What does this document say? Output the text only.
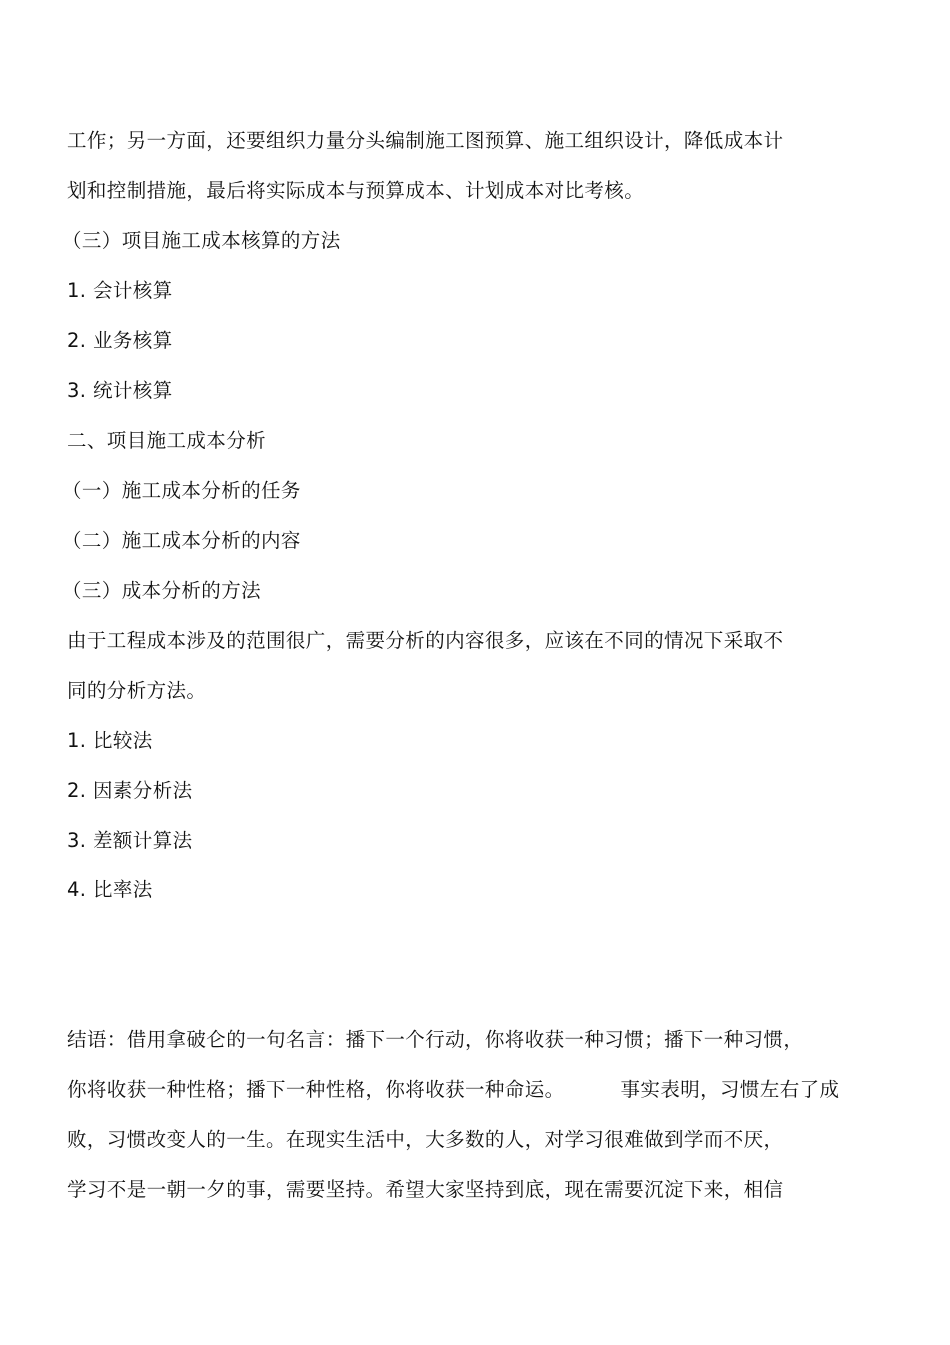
工作；另一方面，还要组织力量分头编制施工图预算、施工组织设计，降低成本计
划和控制措施，最后将实际成本与预算成本、计划成本对比考核。
（三）项目施工成本核算的方法
1. 会计核算
2. 业务核算
3. 统计核算
二、项目施工成本分析
（一）施工成本分析的任务
（二）施工成本分析的内容
（三）成本分析的方法
由于工程成本涉及的范围很广，需要分析的内容很多，应该在不同的情况下采取不
同的分析方法。
1. 比较法
2. 因素分析法
3. 差额计算法
4. 比率法
结语：借用拿破仑的一句名言：播下一个行动，你将收获一种习惯；播下一种习惯，
你将收获一种性格；播下一种性格，你将收获一种命运。	事实表明，习惯左右了成
败，习惯改变人的一生。在现实生活中，大多数的人，对学习很难做到学而不厌，
学习不是一朝一夕的事，需要坚持。希望大家坚持到底，现在需要沉淀下来，相信
